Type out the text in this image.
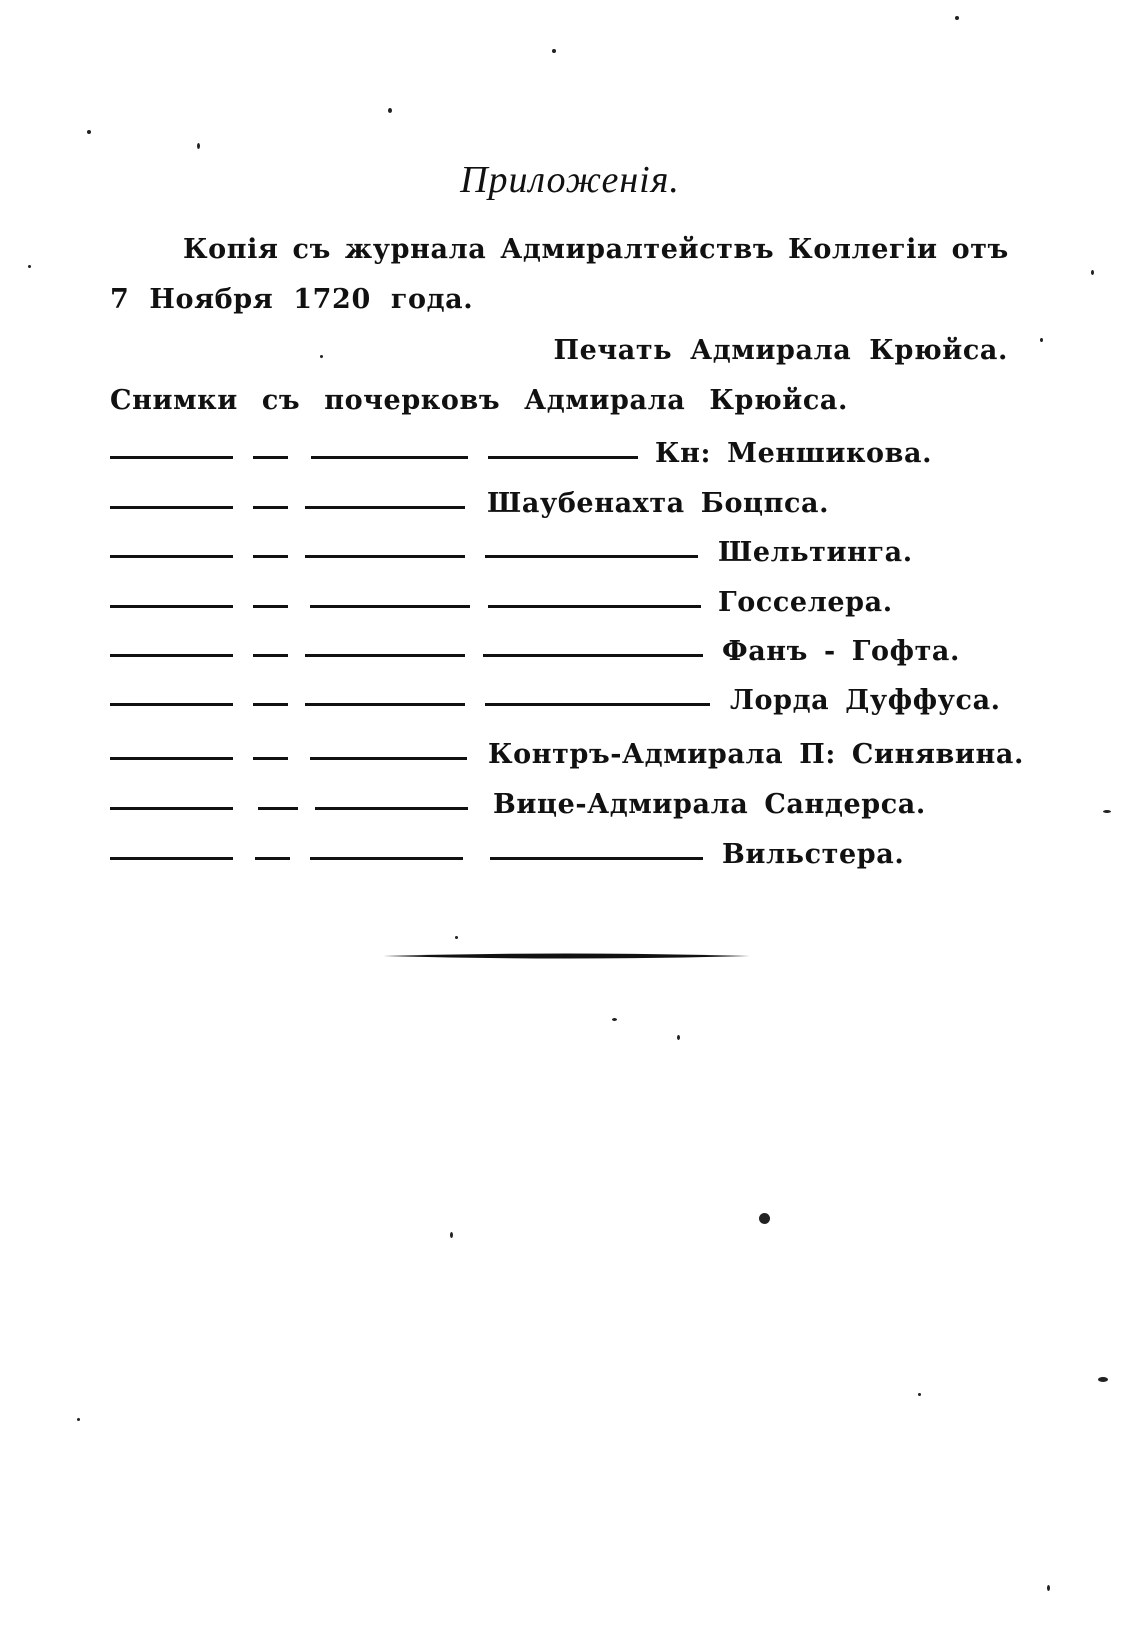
Приложенія.
Копія съ журнала Адмиралтействъ Коллегіи отъ
7 Ноября 1720 года.
Печать Адмирала Крюйса.
Снимки съ почерковъ Адмирала Крюйса.
Кн: Меншикова.
Шаубенахта Боцпса.
Шельтинга.
Госселера.
Фанъ - Гофта.
Лорда Дуффуса.
Контръ-Адмирала П: Синявина.
Вице-Адмирала Сандерса.
Вильстера.
